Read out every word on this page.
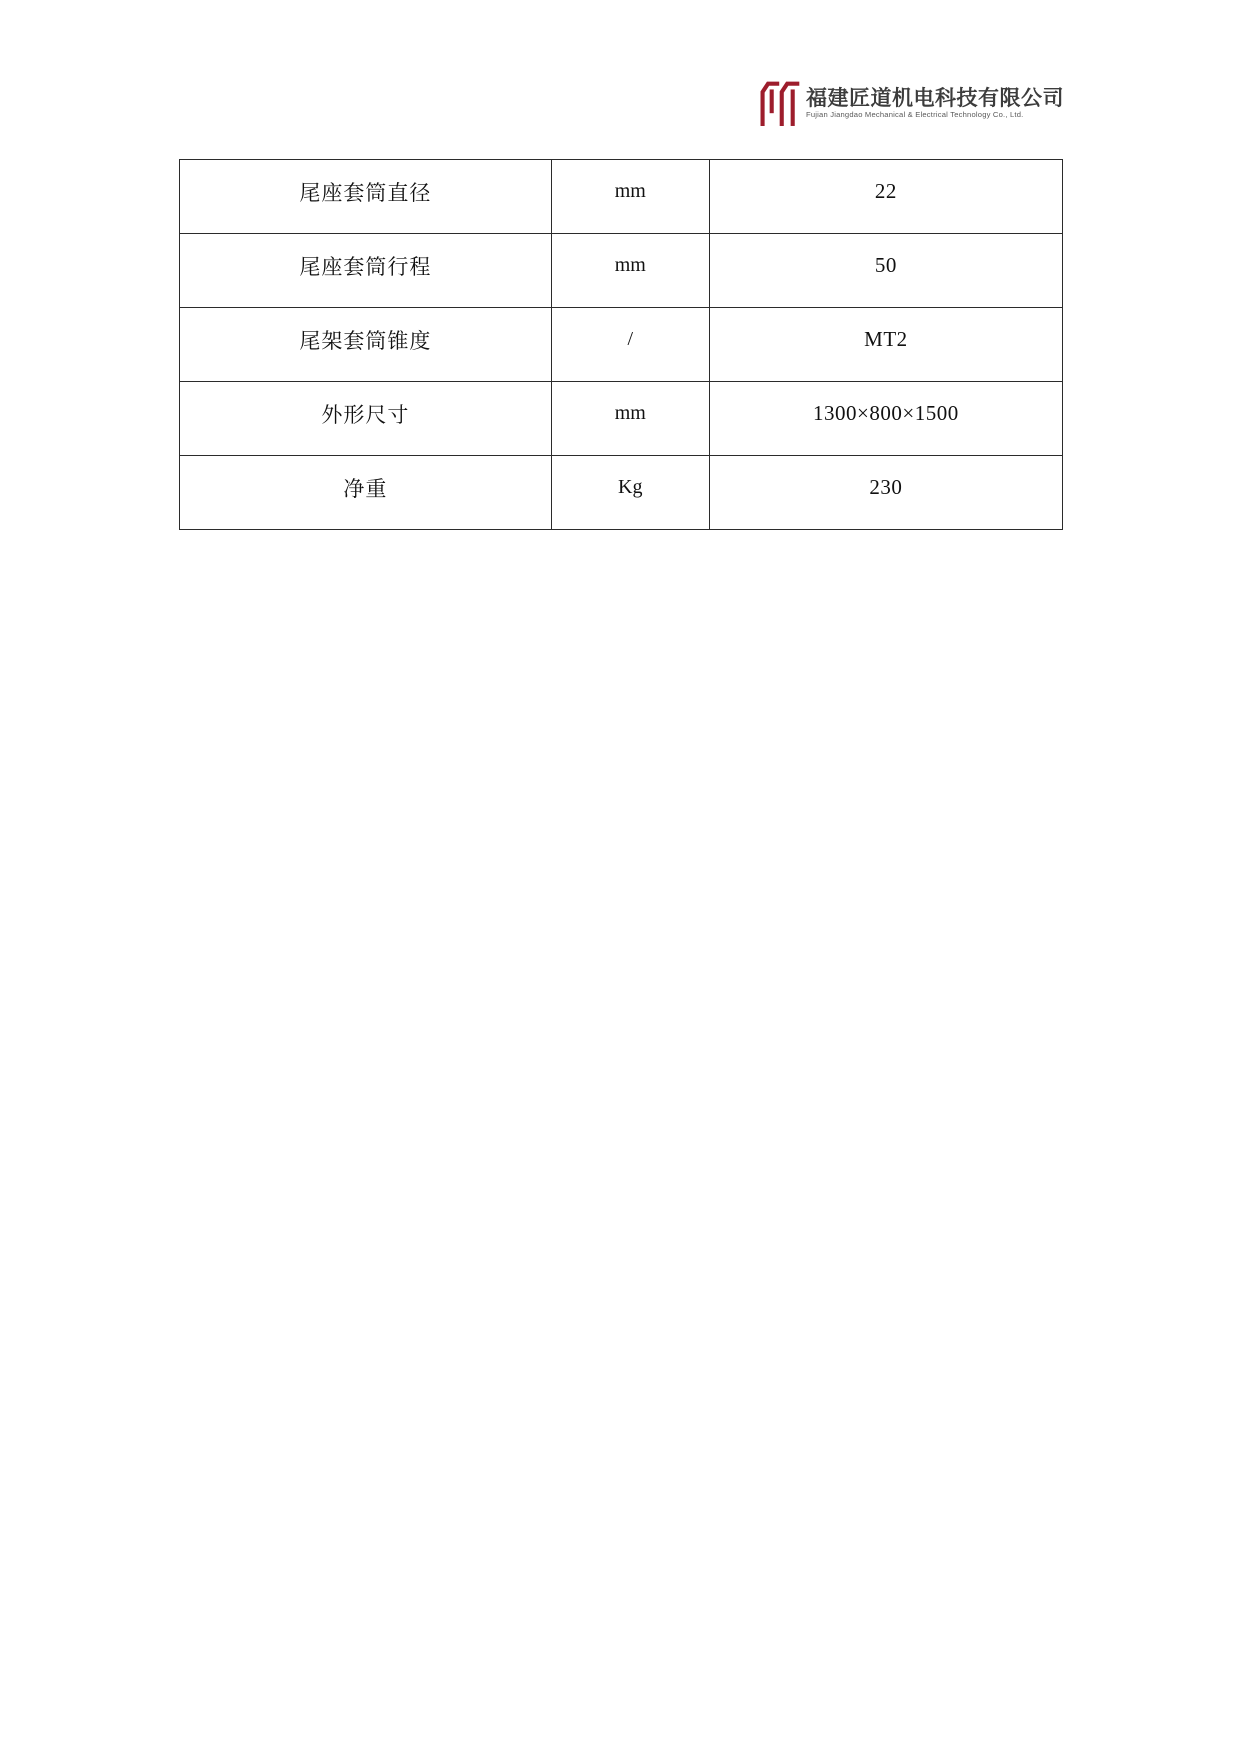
福建匠道机电科技有限公司
Fujian Jiangdao Mechanical & Electrical Technology Co., Ltd.
尾座套筒直径	mm	22
尾座套筒行程	mm	50
尾架套筒锥度	/	MT2
外形尺寸	mm	1300×800×1500
净重	Kg	230
